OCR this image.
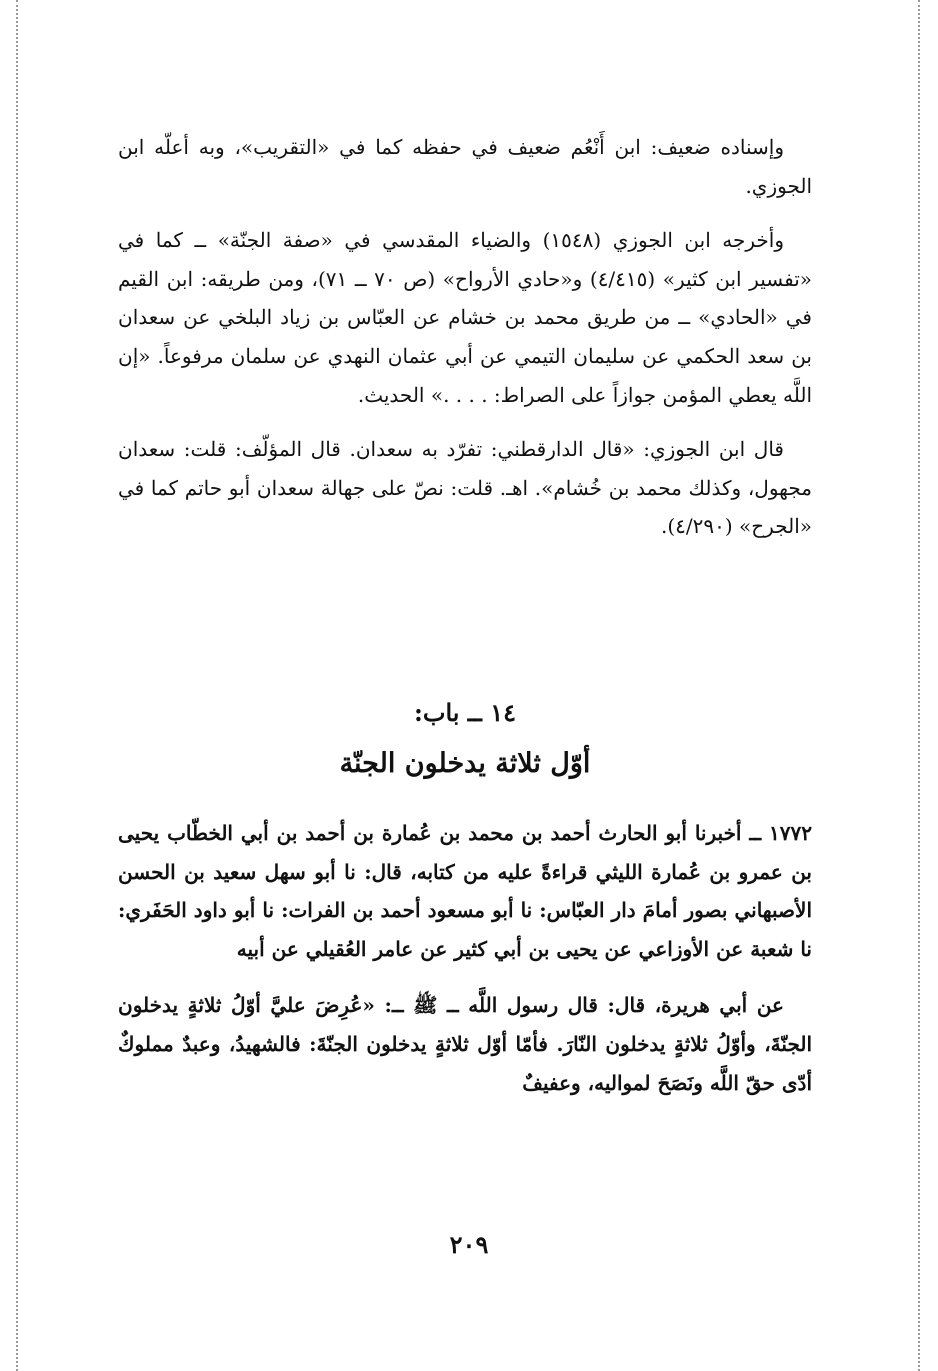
وإسناده ضعيف: ابن أَنْعُم ضعيف في حفظه كما في «التقريب»، وبه أعلّه ابن الجوزي.

وأخرجه ابن الجوزي (١٥٤٨) والضياء المقدسي في «صفة الجنّة» ــ كما في «تفسير ابن كثير» (٤/٤١٥) و«حادي الأرواح» (ص ٧٠ ــ ٧١)، ومن طريقه: ابن القيم في «الحادي» ــ من طريق محمد بن خشام عن العبّاس بن زياد البلخي عن سعدان بن سعد الحكمي عن سليمان التيمي عن أبي عثمان النهدي عن سلمان مرفوعاً. «إن اللَّه يعطي المؤمن جوازاً على الصراط: . . . .» الحديث.

قال ابن الجوزي: «قال الدارقطني: تفرّد به سعدان. قال المؤلّف: قلت: سعدان مجهول، وكذلك محمد بن خُشام». اهـ. قلت: نصّ على جهالة سعدان أبو حاتم كما في «الجرح» (٤/٢٩٠).

١٤ ــ باب:

أوّل ثلاثة يدخلون الجنّة

١٧٧٢ ــ أخبرنا أبو الحارث أحمد بن محمد بن عُمارة بن أحمد بن أبي الخطّاب يحيى بن عمرو بن عُمارة الليثي قراءةً عليه من كتابه، قال: نا أبو سهل سعيد بن الحسن الأصبهاني بصور أمامَ دار العبّاس: نا أبو مسعود أحمد بن الفرات: نا أبو داود الحَفَري: نا شعبة عن الأوزاعي عن يحيى بن أبي كثير عن عامر العُقيلي عن أبيه

عن أبي هريرة، قال: قال رسول اللَّه ــ ﷺ ــ: «عُرِضَ عليَّ أوّلُ ثلاثةٍ يدخلون الجنّةَ، وأوّلُ ثلاثةٍ يدخلون النّارَ. فأمّا أوّل ثلاثةٍ يدخلون الجنّةَ: فالشهيدُ، وعبدٌ مملوكٌ أدّى حقّ اللَّه ونَصَحَ لمواليه، وعفيفٌ

٢٠٩
